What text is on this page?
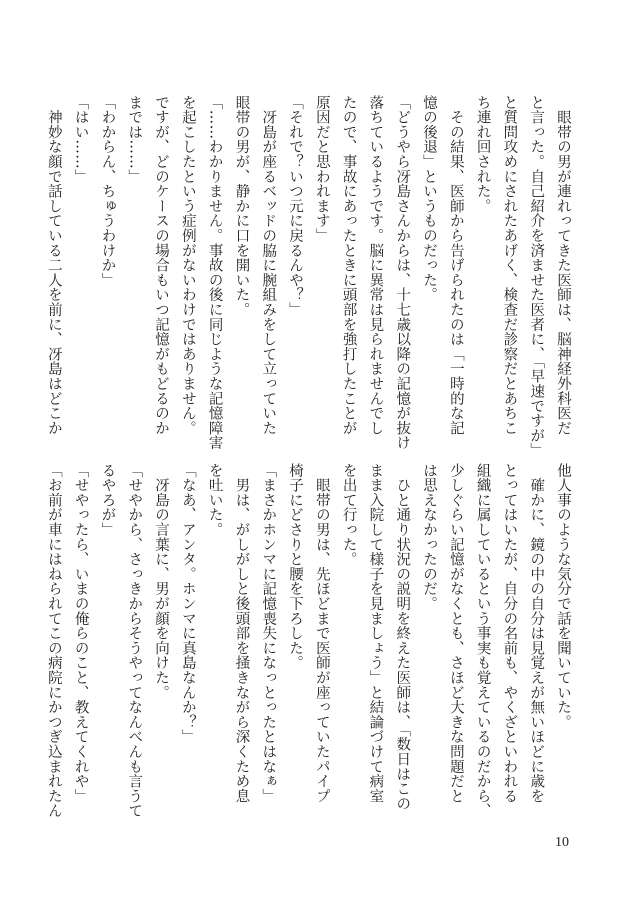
　眼帯の男が連れってきた医師は、脳神経外科医だ

と言った。自己紹介を済ませた医者に、「早速ですが」

と質問攻めにされたあげく、検査だ診察だとあちこ

ち連れ回された。

　その結果、医師から告げられたのは「一時的な記

憶の後退」というものだった。

「どうやら冴島さんからは、十七歳以降の記憶が抜け

落ちているようです。脳に異常は見られませんでし

たので、事故にあったときに頭部を強打したことが

原因だと思われます」

「それで？いつ元に戻るんや？」

　冴島が座るベッドの脇に腕組みをして立っていた

眼帯の男が、静かに口を開いた。

「……わかりません。事故の後に同じような記憶障害

を起こしたという症例がないわけではありません。

ですが、どのケースの場合もいつ記憶がもどるのか

までは……」

「わからん、ちゅうわけか」

「はい……」

　神妙な顔で話している二人を前に、冴島はどこか

他人事のような気分で話を聞いていた。

　確かに、鏡の中の自分は見覚えが無いほどに歳を

とってはいたが、自分の名前も、やくざといわれる

組織に属しているという事実も覚えているのだから、

少しぐらい記憶がなくとも、さほど大きな問題だと

は思えなかったのだ。

　ひと通り状況の説明を終えた医師は、「数日はこの

まま入院して様子を見ましょう」と結論づけて病室

を出て行った。

　眼帯の男は、先ほどまで医師が座っていたパイプ

椅子にどさりと腰を下ろした。

「まさかホンマに記憶喪失になっとったとはなぁ」

　男は、がしがしと後頭部を掻きながら深くため息

を吐いた。

「なあ、アンタ。ホンマに真島なんか？」

　冴島の言葉に、男が顔を向けた。

「せやから、さっきからそうやってなんべんも言うて

るやろが」

「せやったら、いまの俺らのこと、教えてくれや」

「お前が車にはねられてこの病院にかつぎ込まれたん

10
